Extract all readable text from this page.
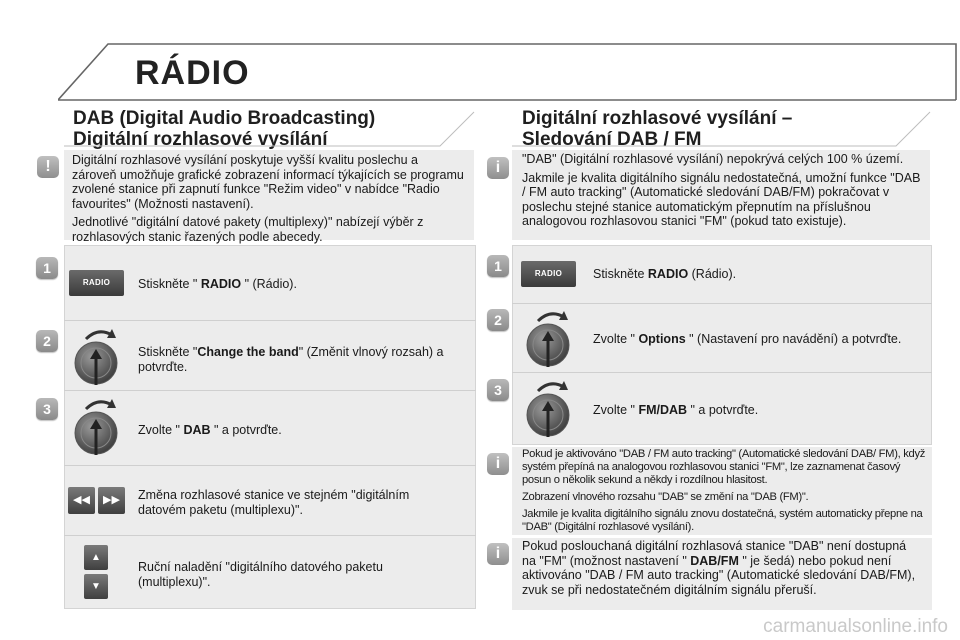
RÁDIO
DAB (Digital Audio Broadcasting)
Digitální rozhlasové vysílání
!	Digitální rozhlasové vysílání poskytuje vyšší kvalitu poslechu a zároveň umožňuje grafické zobrazení informací týkajících se programu zvolené stanice při zapnutí funkce "Režim video" v nabídce "Radio favourites" (Možnosti nastavení).

Jednotlivé "digitální datové pakety (multiplexy)" nabízejí výběr z rozhlasových stanic řazených podle abecedy.

1
RADIO	Stiskněte " RADIO " (Rádio).
2
Stiskněte "Change the band" (Změnit vlnový rozsah) a potvrďte.
3
Zvolte " DAB " a potvrďte.
◀◀	▶▶	Změna rozhlasové stanice ve stejném "digitálním datovém paketu (multiplexu)".
▲
▼
Ruční naladění "digitálního datového paketu (multiplexu)".
Digitální rozhlasové vysílání –
Sledování DAB / FM
i	"DAB" (Digitální rozhlasové vysílání) nepokrývá celých 100 % území.

Jakmile je kvalita digitálního signálu nedostatečná, umožní funkce "DAB / FM auto tracking" (Automatické sledování DAB/FM) pokračovat v poslechu stejné stanice automatickým přepnutím na příslušnou analogovou rozhlasovou stanici "FM" (pokud tato existuje).

1	RADIO	Stiskněte RADIO (Rádio).
2
Zvolte " Options " (Nastavení pro navádění) a potvrďte.
3
Zvolte " FM/DAB " a potvrďte.
i

Pokud je aktivováno "DAB / FM auto tracking" (Automatické sledování DAB/ FM), když systém přepíná na analogovou rozhlasovou stanici "FM", lze zaznamenat časový posun o několik sekund a někdy i rozdílnou hlasitost.

Zobrazení vlnového rozsahu "DAB" se změní na "DAB (FM)".

Jakmile je kvalita digitálního signálu znovu dostatečná, systém automaticky přepne na "DAB" (Digitální rozhlasové vysílání).

i	Pokud poslouchaná digitální rozhlasová stanice "DAB" není dostupná na "FM" (možnost nastavení " DAB/FM " je šedá) nebo pokud není aktivováno "DAB / FM auto tracking" (Automatické sledování DAB/FM), zvuk se při nedostatečném digitálním signálu přeruší.
carmanualsonline.info
